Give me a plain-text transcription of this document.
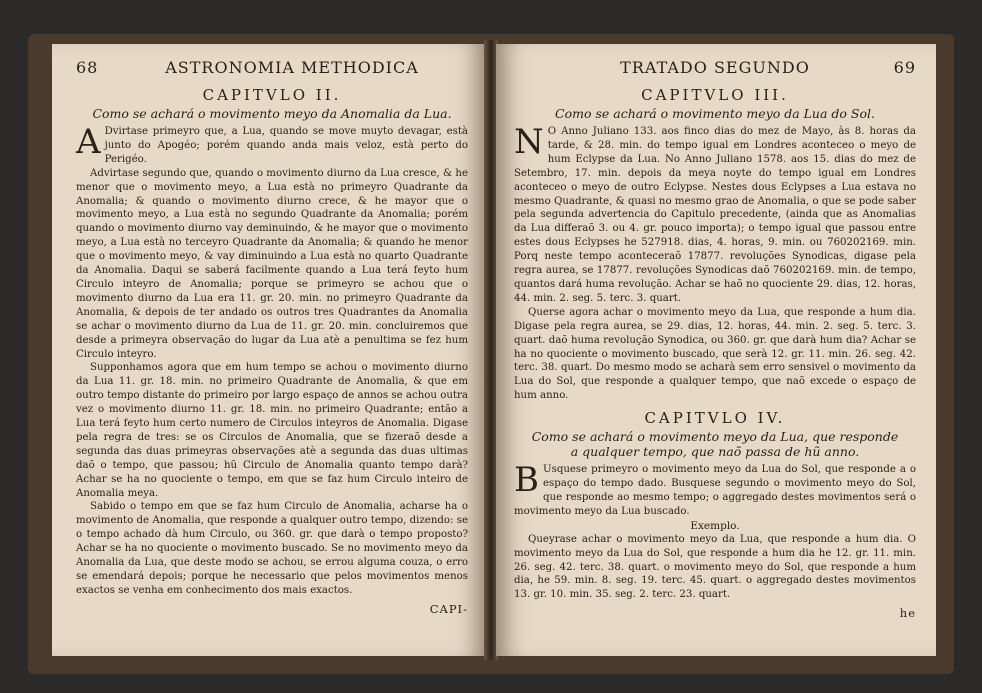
68	ASTRONOMIA METHODICA
CAPITVLO II.
Como se achará o movimento meyo da Anomalia da Lua.

A Dvirtase primeyro que, a Lua, quando se move muyto devagar, està junto do Apogéo; porém quando anda mais veloz, està perto do Perigéo.

Advirtase segundo que, quando o movimento diurno da Lua cresce, & he menor que o movimento meyo, a Lua està no primeyro Quadrante da Anomalia; & quando o movimento diurno crece, & he mayor que o movimento meyo, a Lua està no segundo Quadrante da Anomalia; porém quando o movimento diurno vay deminuindo, & he mayor que o movimento meyo, a Lua està no terceyro Quadrante da Anomalia; & quando he menor que o movimento meyo, & vay diminuindo a Lua està no quarto Quadrante da Anomalia. Daqui se saberá facilmente quando a Lua terá feyto hum Circulo inteyro de Anomalia; porque se primeyro se achou que o movimento diurno da Lua era 11. gr. 20. min. no primeyro Quadrante da Anomalia, & depois de ter andado os outros tres Quadrantes da Anomalia se achar o movimento diurno da Lua de 11. gr. 20. min. concluiremos que desde a primeyra observação do lugar da Lua atè a penultima se fez hum Circulo inteyro.

Supponhamos agora que em hum tempo se achou o movimento diurno da Lua 11. gr. 18. min. no primeiro Quadrante de Anomalia, & que em outro tempo distante do primeiro por largo espaço de annos se achou outra vez o movimento diurno 11. gr. 18. min. no primeiro Quadrante; então a Lua terá feyto hum certo numero de Circulos inteyros de Anomalia. Digase pela regra de tres: se os Circulos de Anomalia, que se fizeraõ desde a segunda das duas primeyras observações atè a segunda das duas ultimas daõ o tempo, que passou; hũ Circulo de Anomalia quanto tempo darà? Achar se ha no quociente o tempo, em que se faz hum Circulo inteiro de Anomalia meya.

Sabido o tempo em que se faz hum Circulo de Anomalia, acharse ha o movimento de Anomalia, que responde a qualquer outro tempo, dizendo: se o tempo achado dà hum Circulo, ou 360. gr. que darà o tempo proposto? Achar se ha no quociente o movimento buscado. Se no movimento meyo da Anomalia da Lua, que deste modo se achou, se errou alguma couza, o erro se emendará depois; porque he necessario que pelos movimentos menos exactos se venha em conhecimento dos mais exactos.

CAPI-
TRATADO SEGUNDO	69
CAPITVLO III.
Como se achará o movimento meyo da Lua do Sol.

N O Anno Juliano 133. aos finco dias do mez de Mayo, às 8. horas da tarde, & 28. min. do tempo igual em Londres aconteceo o meyo de hum Eclypse da Lua. No Anno Juliano 1578. aos 15. dias do mez de Setembro, 17. min. depois da meya noyte do tempo igual em Londres aconteceo o meyo de outro Eclypse. Nestes dous Eclypses a Lua estava no mesmo Quadrante, & quasi no mesmo grao de Anomalia, o que se pode saber pela segunda advertencia do Capitulo precedente, (ainda que as Anomalias da Lua differaõ 3. ou 4. gr. pouco importa); o tempo igual que passou entre estes dous Eclypses he 527918. dias, 4. horas, 9. min. ou 760202169. min. Porq neste tempo aconteceraõ 17877. revoluções Synodicas, digase pela regra aurea, se 17877. revoluções Synodicas daõ 760202169. min. de tempo, quantos dará huma revolução. Achar se haõ no quociente 29. dias, 12. horas, 44. min. 2. seg. 5. terc. 3. quart.

Querse agora achar o movimento meyo da Lua, que responde a hum dia. Digase pela regra aurea, se 29. dias, 12. horas, 44. min. 2. seg. 5. terc. 3. quart. daõ huma revolução Synodica, ou 360. gr. que darà hum dia? Achar se ha no quociente o movimento buscado, que serà 12. gr. 11. min. 26. seg. 42. terc. 38. quart. Do mesmo modo se acharà sem erro sensivel o movimento da Lua do Sol, que responde a qualquer tempo, que naõ excede o espaço de hum anno.

CAPITVLO IV.
Como se achará o movimento meyo da Lua, que responde a qualquer tempo, que naõ passa de hũ anno.

B Usquese primeyro o movimento meyo da Lua do Sol, que responde a o espaço do tempo dado. Busquese segundo o movimento meyo do Sol, que responde ao mesmo tempo; o aggregado destes movimentos será o movimento meyo da Lua buscado.

Exemplo.

Queyrase achar o movimento meyo da Lua, que responde a hum dia. O movimento meyo da Lua do Sol, que responde a hum dia he 12. gr. 11. min. 26. seg. 42. terc. 38. quart. o movimento meyo do Sol, que responde a hum dia, he 59. min. 8. seg. 19. terc. 45. quart. o aggregado destes movimentos 13. gr. 10. min. 35. seg. 2. terc. 23. quart.

he
